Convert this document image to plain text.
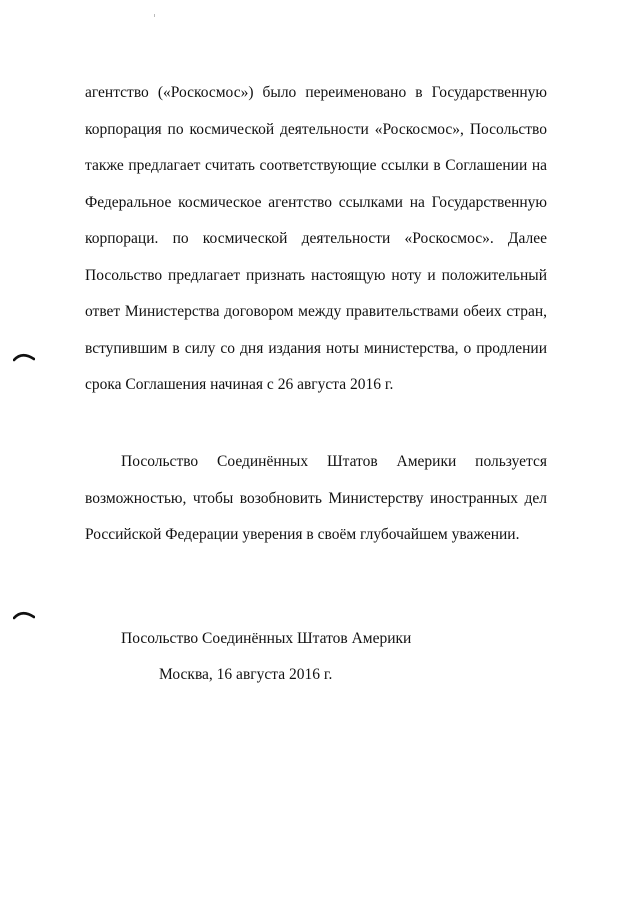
агентство («Роскосмос») было переименовано в Государственную
корпорация по космической деятельности «Роскосмос», Посольство
также предлагает считать соответствующие ссылки в Соглашении на
Федеральное космическое агентство ссылками на Государственную
корпораци. по космической деятельности «Роскосмос». Далее
Посольство предлагает признать настоящую ноту и положительный
ответ Министерства договором между правительствами обеих стран,
вступившим в силу со дня издания ноты министерства, о продлении
срока Соглашения начиная с 26 августа 2016 г.
Посольство Соединённых Штатов Америки пользуется
возможностью, чтобы возобновить Министерству иностранных дел
Российской Федерации уверения в своём глубочайшем уважении.
Посольство Соединённых Штатов Америки
Москва, 16 августа 2016 г.
